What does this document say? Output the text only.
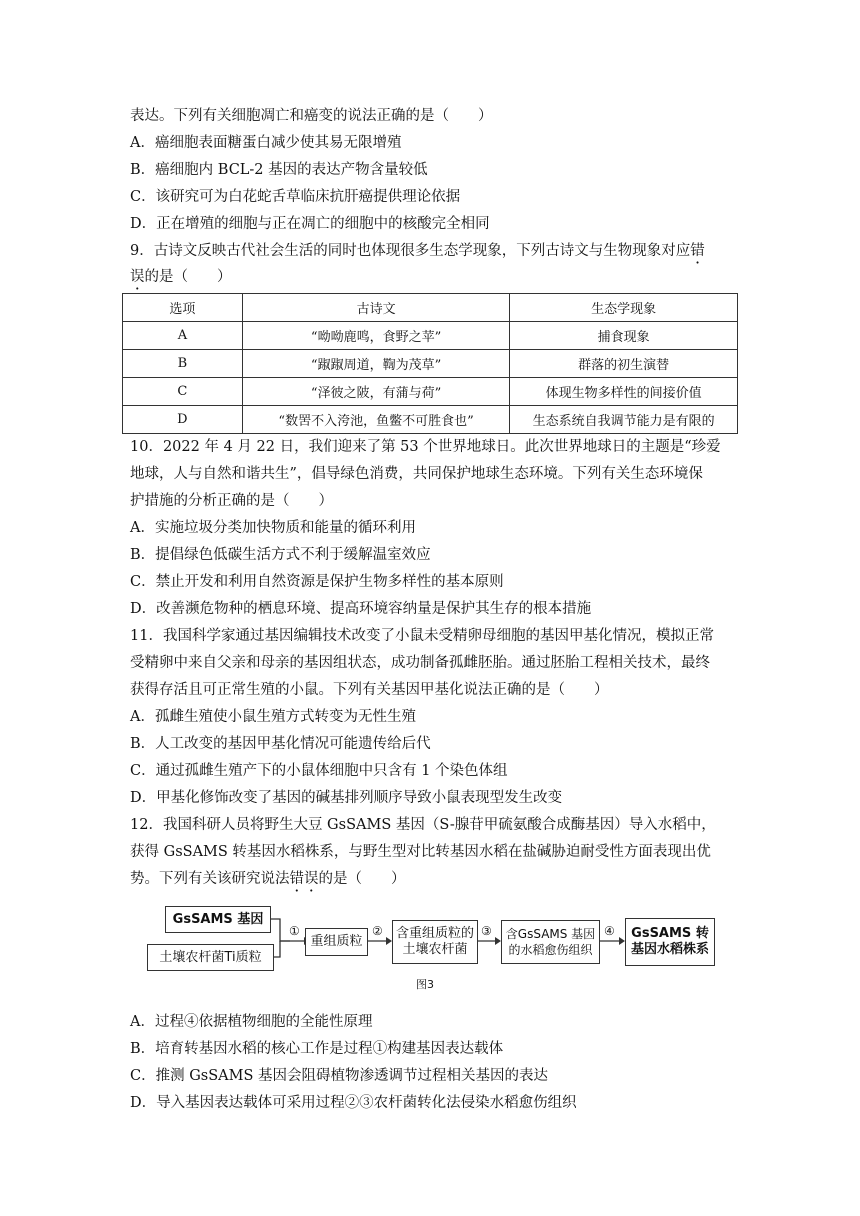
表达。下列有关细胞凋亡和癌变的说法正确的是（　　）
A．癌细胞表面糖蛋白减少使其易无限增殖
B．癌细胞内 BCL-2 基因的表达产物含量较低
C．该研究可为白花蛇舌草临床抗肝癌提供理论依据
D．正在增殖的细胞与正在凋亡的细胞中的核酸完全相同
9．古诗文反映古代社会生活的同时也体现很多生态学现象，下列古诗文与生物现象对应错
误的是（　　）
选项	古诗文	生态学现象
A	“呦呦鹿鸣，食野之苹”	捕食现象
B	“踧踧周道，鞫为茂草”	群落的初生演替
C	“泽彼之陂，有蒲与荷”	体现生物多样性的间接价值
D	“数罟不入洿池，鱼鳖不可胜食也”	生态系统自我调节能力是有限的
10．2022 年 4 月 22 日，我们迎来了第 53 个世界地球日。此次世界地球日的主题是“珍爱
地球，人与自然和谐共生”，倡导绿色消费，共同保护地球生态环境。下列有关生态环境保
护措施的分析正确的是（　　）
A．实施垃圾分类加快物质和能量的循环利用
B．提倡绿色低碳生活方式不利于缓解温室效应
C．禁止开发和利用自然资源是保护生物多样性的基本原则
D．改善濒危物种的栖息环境、提高环境容纳量是保护其生存的根本措施
11．我国科学家通过基因编辑技术改变了小鼠未受精卵母细胞的基因甲基化情况，模拟正常
受精卵中来自父亲和母亲的基因组状态，成功制备孤雌胚胎。通过胚胎工程相关技术，最终
获得存活且可正常生殖的小鼠。下列有关基因甲基化说法正确的是（　　）
A．孤雌生殖使小鼠生殖方式转变为无性生殖
B．人工改变的基因甲基化情况可能遗传给后代
C．通过孤雌生殖产下的小鼠体细胞中只含有 1 个染色体组
D．甲基化修饰改变了基因的碱基排列顺序导致小鼠表现型发生改变
12．我国科研人员将野生大豆 GsSAMS 基因（S-腺苷甲硫氨酸合成酶基因）导入水稻中，
获得 GsSAMS 转基因水稻株系，与野生型对比转基因水稻在盐碱胁迫耐受性方面表现出优
势。下列有关该研究说法错误的是（　　）
①	②	③	④
GsSAMS 基因
土壤农杆菌Ti质粒
重组质粒
含重组质粒的
土壤农杆菌
含GsSAMS 基因
的水稻愈伤组织
GsSAMS 转
基因水稻株系
图3
A．过程④依据植物细胞的全能性原理
B．培育转基因水稻的核心工作是过程①构建基因表达载体
C．推测 GsSAMS 基因会阻碍植物渗透调节过程相关基因的表达
D．导入基因表达载体可采用过程②③农杆菌转化法侵染水稻愈伤组织
